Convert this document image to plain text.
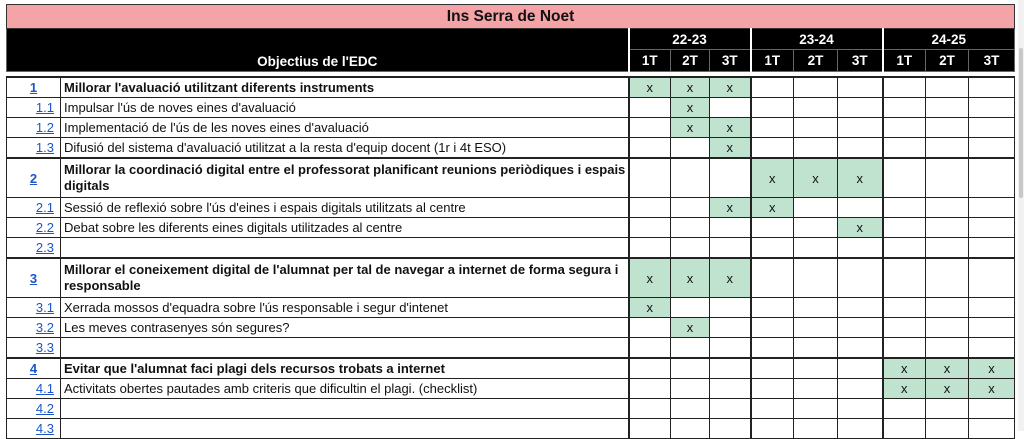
Ins Serra de Noet										
Objectius de l'EDC		22-23			23-24			24-25		
		1T	2T	3T	1T	2T	3T	1T	2T	3T

1	Millorar l'avaluació utilitzant diferents instruments	x	x	x						
1.1	Impulsar l'ús de noves eines d'avaluació		x							
1.2	Implementació de l'ús de les noves eines d'avaluació		x	x						
1.3	Difusió del sistema d'avaluació utilitzat a la resta d'equip docent (1r i 4t ESO)			x						
2	Millorar la coordinació digital entre el professorat planificant reunions periòdiques i espais digitals				x	x	x			
2.1	Sessió de reflexió sobre l'ús d'eines i espais digitals utilitzats al centre			x	x					
2.2	Debat sobre les diferents eines digitals utilitzades al centre						x			
2.3										
3	Millorar el coneixement digital de l'alumnat per tal de navegar a internet de forma segura i responsable	x	x	x						
3.1	Xerrada mossos d'equadra sobre l'ús responsable i segur d'intenet	x								
3.2	Les meves contrasenyes són segures?		x							
3.3										
4	Evitar que l'alumnat faci plagi dels recursos trobats a internet							x	x	x
4.1	Activitats obertes pautades amb criteris que dificultin el plagi. (checklist)							x	x	x
4.2										
4.3										
